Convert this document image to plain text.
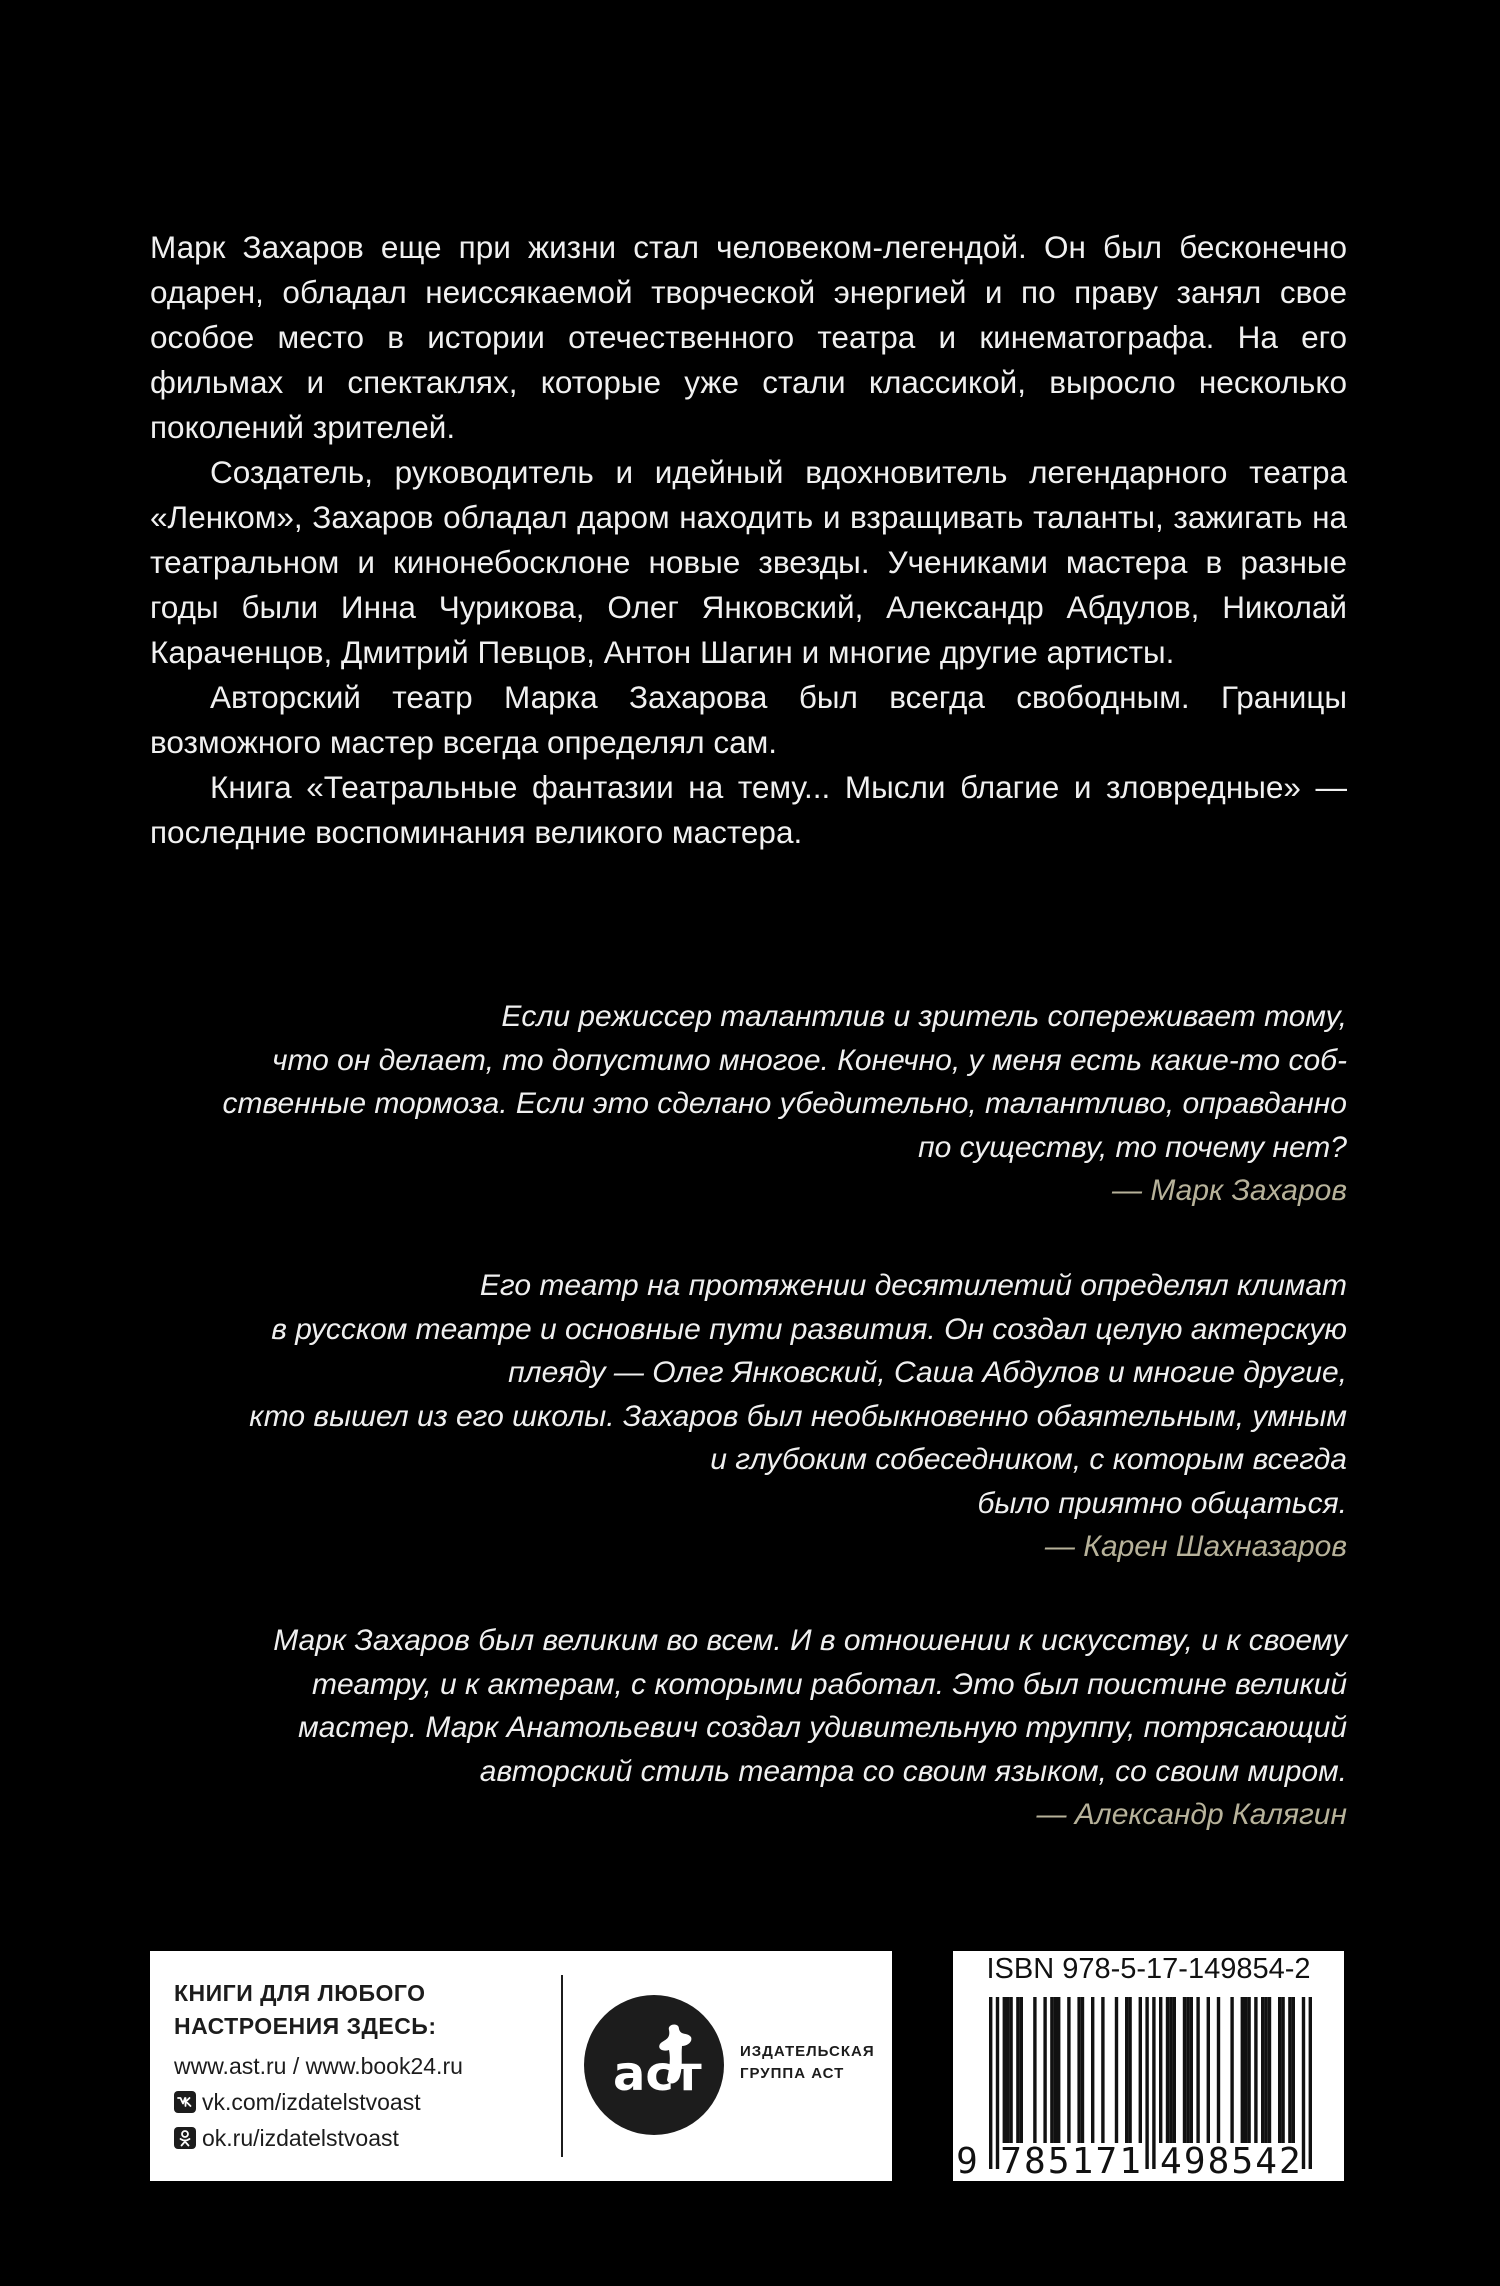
Марк Захаров еще при жизни стал человеком-легендой. Он был бесконечно одарен, обладал неиссякаемой творческой энергией и по праву занял свое особое место в истории отечественного театра и кинематографа. На его фильмах и спектаклях, которые уже стали классикой, выросло несколько поколений зрителей.

Создатель, руководитель и идейный вдохновитель легендарного театра «Ленком», Захаров обладал даром находить и взращивать таланты, зажигать на театральном и кинонебосклоне новые звезды. Учениками мастера в разные годы были Инна Чурикова, Олег Янковский, Александр Абдулов, Николай Караченцов, Дмитрий Певцов, Антон Шагин и многие другие артисты.

Авторский театр Марка Захарова был всегда свободным. Границы возможного мастер всегда определял сам.

Книга «Театральные фантазии на тему... Мысли благие и зловредные» — последние воспоминания великого мастера.

Если режиссер талантлив и зритель сопереживает тому,
что он делает, то допустимо многое. Конечно, у меня есть какие-то соб-
ственные тормоза. Если это сделано убедительно, талантливо, оправданно
по существу, то почему нет?
— Марк Захаров
Его театр на протяжении десятилетий определял климат
в русском театре и основные пути развития. Он создал целую актерскую
плеяду — Олег Янковский, Саша Абдулов и многие другие,
кто вышел из его школы. Захаров был необыкновенно обаятельным, умным
и глубоким собеседником, с которым всегда
было приятно общаться.
— Карен Шахназаров
Марк Захаров был великим во всем. И в отношении к искусству, и к своему
театру, и к актерам, с которыми работал. Это был поистине великий
мастер. Марк Анатольевич создал удивительную труппу, потрясающий
авторский стиль театра со своим языком, со своим миром.
— Александр Калягин
КНИГИ ДЛЯ ЛЮБОГО
НАСТРОЕНИЯ ЗДЕСЬ:
www.ast.ru / www.book24.ru
vk.com/izdatelstvoast
ok.ru/izdatelstvoast
aст	ИЗДАТЕЛЬСКАЯ
ГРУППА АСТ
ISBN 978-5-17-149854-2
9 7 8 5 1 7 1 4 9 8 5 4 2
